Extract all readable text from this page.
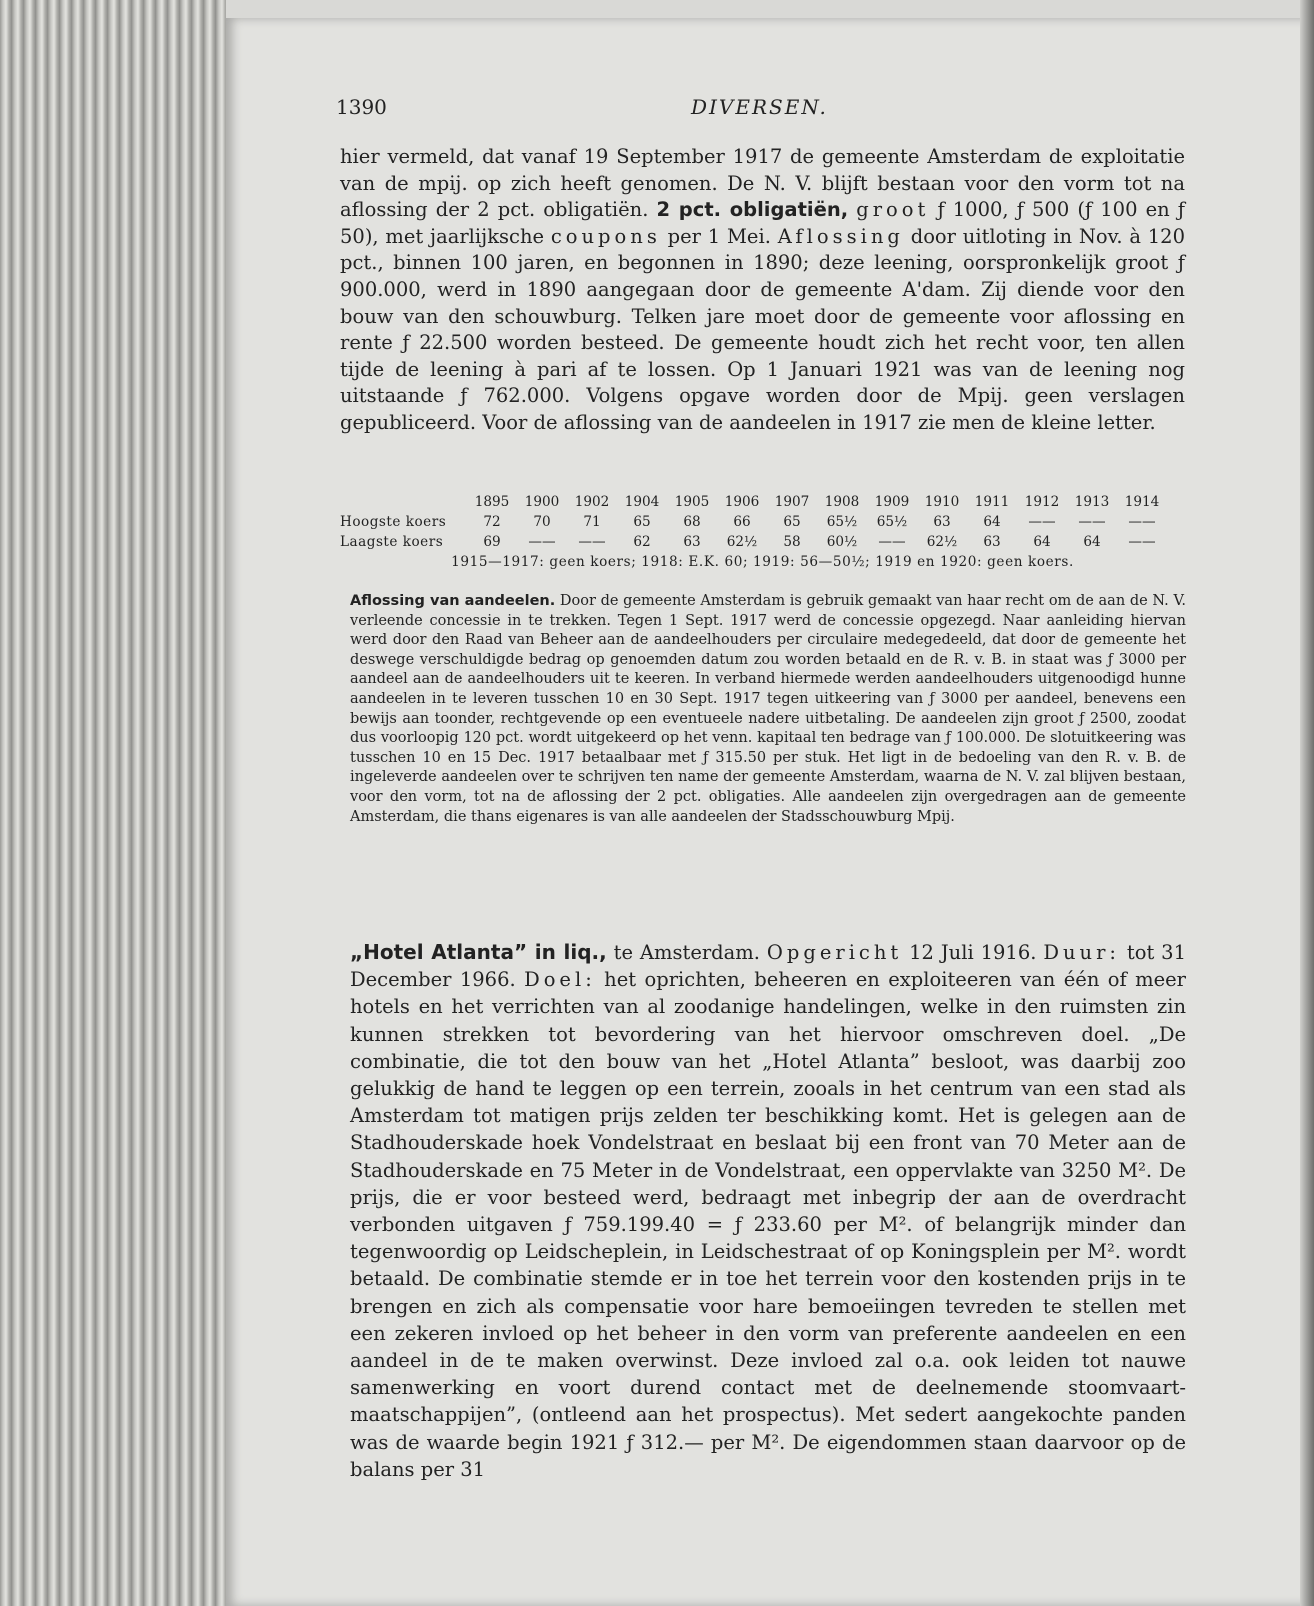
1390	DIVERSEN.
hier vermeld, dat vanaf 19 September 1917 de gemeente Amsterdam de exploitatie van de mpij. op zich heeft genomen. De N. V. blijft bestaan voor den vorm tot na aflossing der 2 pct. obligatiën. 2 pct. obligatiën, groot ƒ 1000, ƒ 500 (ƒ 100 en ƒ 50), met jaarlijksche coupons per 1 Mei. Aflossing door uitloting in Nov. à 120 pct., binnen 100 jaren, en begonnen in 1890; deze leening, oorspronkelijk groot ƒ 900.000, werd in 1890 aangegaan door de gemeente A'dam. Zij diende voor den bouw van den schouwburg. Telken jare moet door de gemeente voor aflossing en rente ƒ 22.500 worden besteed. De gemeente houdt zich het recht voor, ten allen tijde de leening à pari af te lossen. Op 1 Januari 1921 was van de leening nog uitstaande ƒ 762.000. Volgens opgave worden door de Mpij. geen verslagen gepubliceerd. Voor de aflossing van de aandeelen in 1917 zie men de kleine letter.
1895	1900	1902	1904	1905	1906	1907	1908	1909	1910	1911	1912	1913	1914
Hoogste koers	72	70	71	65	68	66	65	65½	65½	63	64	——	——	——
Laagste koers	69	——	——	62	63	62½	58	60½	——	62½	63	64	64	——
1915—1917: geen koers; 1918: E.K. 60; 1919: 56—50½; 1919 en 1920: geen koers.
Aflossing van aandeelen. Door de gemeente Amsterdam is gebruik gemaakt van haar recht om de aan de N. V. verleende concessie in te trekken. Tegen 1 Sept. 1917 werd de concessie opgezegd. Naar aanleiding hiervan werd door den Raad van Beheer aan de aandeelhouders per circulaire medegedeeld, dat door de gemeente het deswege verschuldigde bedrag op genoemden datum zou worden betaald en de R. v. B. in staat was ƒ 3000 per aandeel aan de aandeelhouders uit te keeren. In verband hiermede werden aandeelhouders uitgenoodigd hunne aandeelen in te leveren tusschen 10 en 30 Sept. 1917 tegen uitkeering van ƒ 3000 per aandeel, benevens een bewijs aan toonder, rechtgevende op een eventueele nadere uitbetaling. De aandeelen zijn groot ƒ 2500, zoodat dus voorloopig 120 pct. wordt uitgekeerd op het venn. kapitaal ten bedrage van ƒ 100.000. De slotuitkeering was tusschen 10 en 15 Dec. 1917 betaalbaar met ƒ 315.50 per stuk. Het ligt in de bedoeling van den R. v. B. de ingeleverde aandeelen over te schrijven ten name der gemeente Amsterdam, waarna de N. V. zal blijven bestaan, voor den vorm, tot na de aflossing der 2 pct. obligaties. Alle aandeelen zijn overgedragen aan de gemeente Amsterdam, die thans eigenares is van alle aandeelen der Stadsschouwburg Mpij.
„Hotel Atlanta” in liq., te Amsterdam. Opgericht 12 Juli 1916. Duur: tot 31 December 1966. Doel: het oprichten, beheeren en exploiteeren van één of meer hotels en het verrichten van al zoodanige handelingen, welke in den ruimsten zin kunnen strekken tot bevordering van het hiervoor omschreven doel. „De combinatie, die tot den bouw van het „Hotel Atlanta” besloot, was daarbij zoo gelukkig de hand te leggen op een terrein, zooals in het centrum van een stad als Amsterdam tot matigen prijs zelden ter beschikking komt. Het is gelegen aan de Stadhouderskade hoek Vondelstraat en beslaat bij een front van 70 Meter aan de Stadhouderskade en 75 Meter in de Vondelstraat, een oppervlakte van 3250 M². De prijs, die er voor besteed werd, bedraagt met inbegrip der aan de overdracht verbonden uitgaven ƒ 759.199.40 = ƒ 233.60 per M². of belangrijk minder dan tegenwoordig op Leidscheplein, in Leidschestraat of op Koningsplein per M². wordt betaald. De combinatie stemde er in toe het terrein voor den kostenden prijs in te brengen en zich als compensatie voor hare bemoeiingen tevreden te stellen met een zekeren invloed op het beheer in den vorm van preferente aandeelen en een aandeel in de te maken overwinst. Deze invloed zal o.a. ook leiden tot nauwe samenwerking en voort durend contact met de deelnemende stoomvaart-maatschappijen”, (ontleend aan het prospectus). Met sedert aangekochte panden was de waarde begin 1921 ƒ 312.— per M². De eigendommen staan daarvoor op de balans per 31
